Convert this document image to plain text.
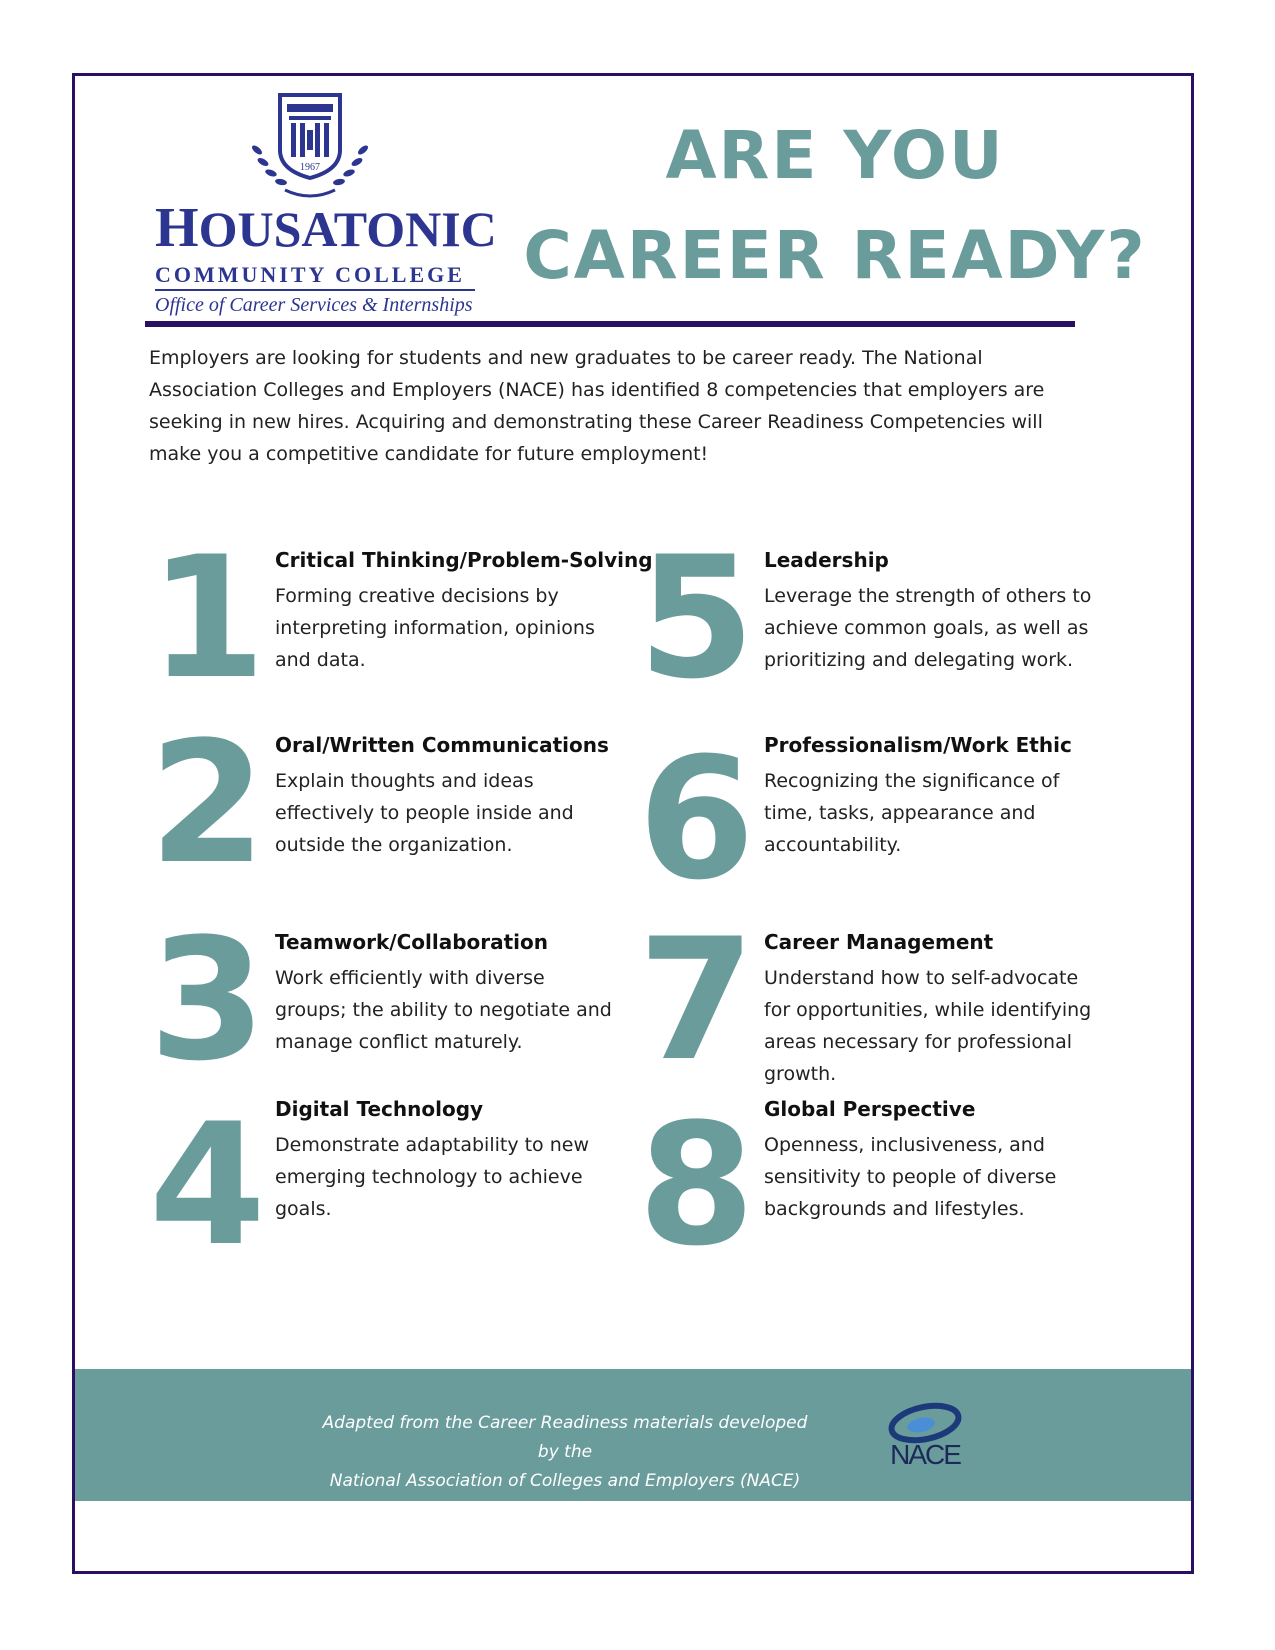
1967
HOUSATONIC
COMMUNITY COLLEGE
Office of Career Services & Internships
ARE YOU
CAREER READY?
Employers are looking for students and new graduates to be career ready. The National Association Colleges and Employers (NACE) has identified 8 competencies that employers are seeking in new hires. Acquiring and demonstrating these Career Readiness Competencies will make you a competitive candidate for future employment!
1 Critical Thinking/Problem-Solving
Forming creative decisions by interpreting information, opinions and data.
2 Oral/Written Communications
Explain thoughts and ideas effectively to people inside and outside the organization.
3 Teamwork/Collaboration
Work efficiently with diverse groups; the ability to negotiate and manage conflict maturely.
4 Digital Technology
Demonstrate adaptability to new emerging technology to achieve goals.
5 Leadership
Leverage the strength of others to achieve common goals, as well as prioritizing and delegating work.
6 Professionalism/Work Ethic
Recognizing the significance of time, tasks, appearance and accountability.
7 Career Management
Understand how to self-advocate for opportunities, while identifying areas necessary for professional growth.
8 Global Perspective
Openness, inclusiveness, and sensitivity to people of diverse backgrounds and lifestyles.
Adapted from the Career Readiness materials developed by the
National Association of Colleges and Employers (NACE)
NACE
